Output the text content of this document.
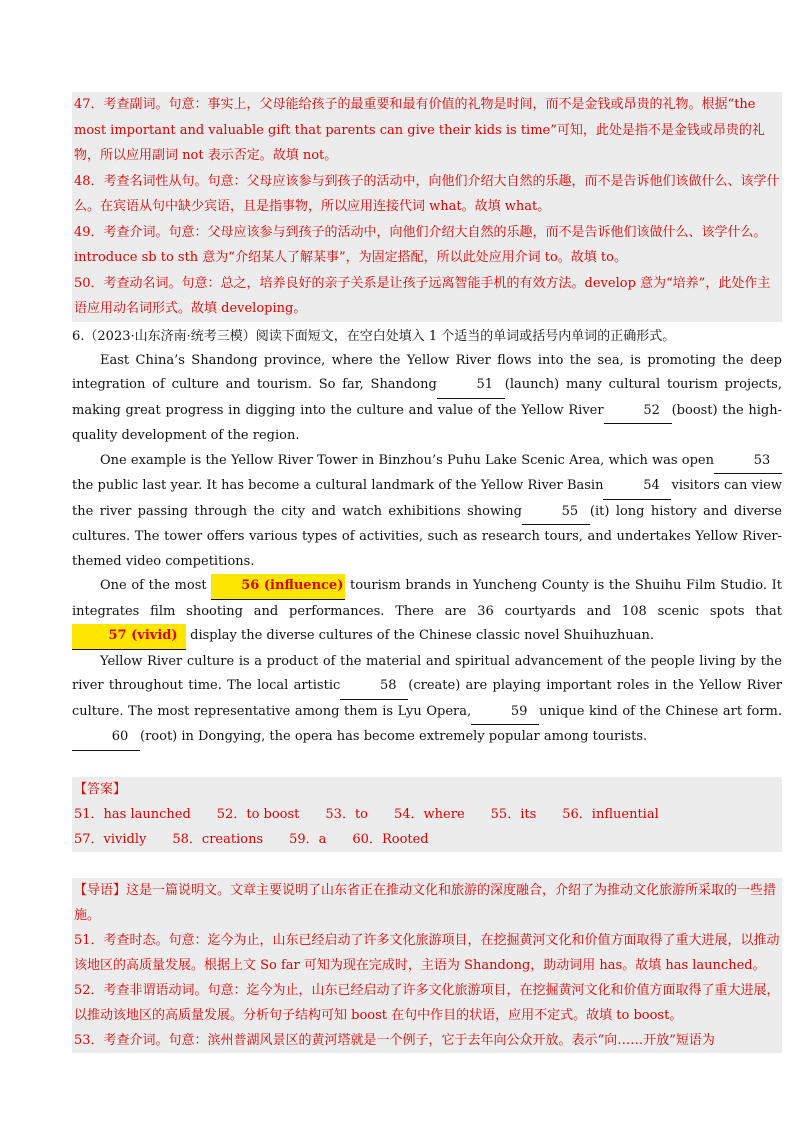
47．考查副词。句意：事实上，父母能给孩子的最重要和最有价值的礼物是时间，而不是金钱或昂贵的礼物。根据“the most important and valuable gift that parents can give their kids is time”可知，此处是指不是金钱或昂贵的礼物，所以应用副词 not 表示否定。故填 not。

48．考查名词性从句。句意：父母应该参与到孩子的活动中，向他们介绍大自然的乐趣，而不是告诉他们该做什么、该学什么。在宾语从句中缺少宾语，且是指事物，所以应用连接代词 what。故填 what。

49．考查介词。句意：父母应该参与到孩子的活动中，向他们介绍大自然的乐趣，而不是告诉他们该做什么、该学什么。introduce sb to sth 意为“介绍某人了解某事”，为固定搭配，所以此处应用介词 to。故填 to。

50．考查动名词。句意：总之，培养良好的亲子关系是让孩子远离智能手机的有效方法。develop 意为“培养”，此处作主语应用动名词形式。故填 developing。

6.（2023·山东济南·统考三模）阅读下面短文，在空白处填入 1 个适当的单词或括号内单词的正确形式。

East China’s Shandong province, where the Yellow River flows into the sea, is promoting the deep integration of culture and tourism. So far, Shandong	51 (launch) many cultural tourism projects, making great progress in digging into the culture and value of the Yellow River	52 (boost) the high-quality development of the region.

One example is the Yellow River Tower in Binzhou’s Puhu Lake Scenic Area, which was open	53the public last year. It has become a cultural landmark of the Yellow River Basin	54 visitors can view the river passing through the city and watch exhibitions showing	55 (it) long history and diverse cultures. The tower offers various types of activities, such as research tours, and undertakes Yellow River-themed video competitions.

One of the most	56 (influence) tourism brands in Yuncheng County is the Shuihu Film Studio. It integrates film shooting and performances. There are 36 courtyards and 108 scenic spots that 57 (vivid) display the diverse cultures of the Chinese classic novel Shuihuzhuan.

Yellow River culture is a product of the material and spiritual advancement of the people living by the river throughout time. The local artistic	58 (create) are playing important roles in the Yellow River culture. The most representative among them is Lyu Opera,	59 unique kind of the Chinese art form.60 (root) in Dongying, the opera has become extremely popular among tourists.

【答案】

51．has launched 52．to boost 53．to 54．where 55．its 56．influential
57．vividly 58．creations 59．a 60．Rooted

【导语】这是一篇说明文。文章主要说明了山东省正在推动文化和旅游的深度融合，介绍了为推动文化旅游所采取的一些措施。

51．考查时态。句意：迄今为止，山东已经启动了许多文化旅游项目，在挖掘黄河文化和价值方面取得了重大进展，以推动该地区的高质量发展。根据上文 So far 可知为现在完成时，主语为 Shandong，助动词用 has。故填 has launched。

52．考查非谓语动词。句意：迄今为止，山东已经启动了许多文化旅游项目，在挖掘黄河文化和价值方面取得了重大进展，以推动该地区的高质量发展。分析句子结构可知 boost 在句中作目的状语，应用不定式。故填 to boost。

53．考查介词。句意：滨州普湖风景区的黄河塔就是一个例子，它于去年向公众开放。表示“向……开放”短语为
